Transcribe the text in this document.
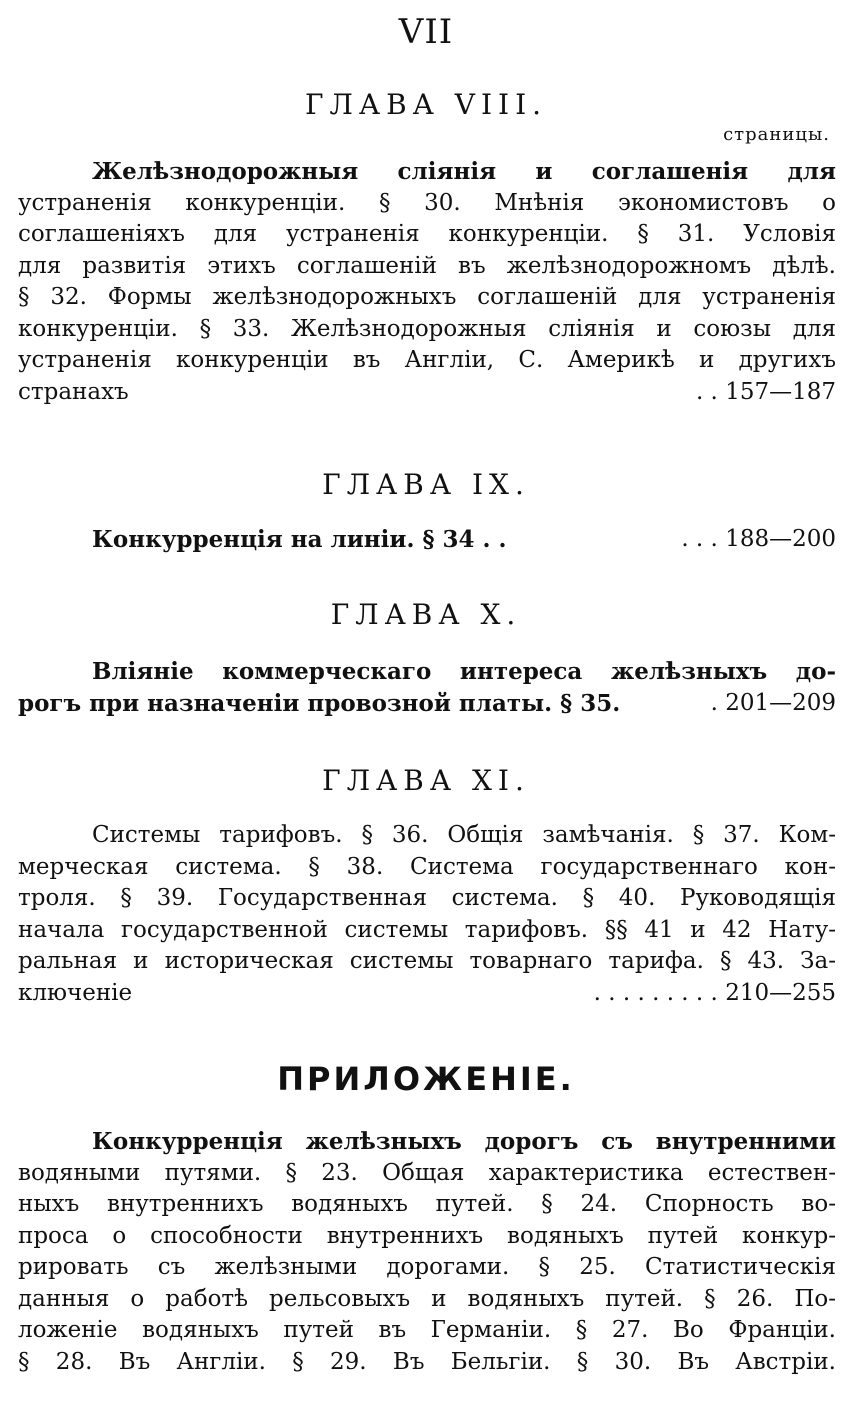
VII
ГЛАВА VIII.
страницы.
Желѣзнодорожныя слiянiя и соглашенiя для
устраненiя конкуренцiи. § 30. Мнѣнiя экономистовъ о
соглашенiяхъ для устраненiя конкуренцiи. § 31. Условiя
для развитiя этихъ соглашенiй въ желѣзнодорожномъ дѣлѣ.
§ 32. Формы желѣзнодорожныхъ соглашенiй для устраненiя
конкуренцiи. § 33. Желѣзнодорожныя слiянiя и союзы для
устраненiя конкуренцiи въ Англiи, С. Америкѣ и другихъ
странахъ	. . 157—187
ГЛАВА IX.
Конкурренцiя на линiи. § 34 . .	. . . 188—200
ГЛАВА X.
Влiянiе коммерческаго интереса желѣзныхъ до-
рогъ при назначенiи провозной платы. § 35.	. 201—209
ГЛАВА XI.
Системы тарифовъ. § 36. Общiя замѣчанiя. § 37. Ком-
мерческая система. § 38. Система государственнаго кон-
троля. § 39. Государственная система. § 40. Руководящiя
начала государственной системы тарифовъ. §§ 41 и 42 Нату-
ральная и историческая системы товарнаго тарифа. § 43. За-
ключенiе	. . . . . . . . . 210—255
ПРИЛОЖЕНIЕ.
Конкурренцiя желѣзныхъ дорогъ съ внутренними
водяными путями. § 23. Общая характеристика естествен-
ныхъ внутреннихъ водяныхъ путей. § 24. Спорность во-
проса о способности внутреннихъ водяныхъ путей конкур-
рировать съ желѣзными дорогами. § 25. Статистическiя
данныя о работѣ рельсовыхъ и водяныхъ путей. § 26. По-
ложенiе водяныхъ путей въ Германiи. § 27. Во Францiи.
§ 28. Въ Англiи. § 29. Въ Бельгiи. § 30. Въ Австрiи.
